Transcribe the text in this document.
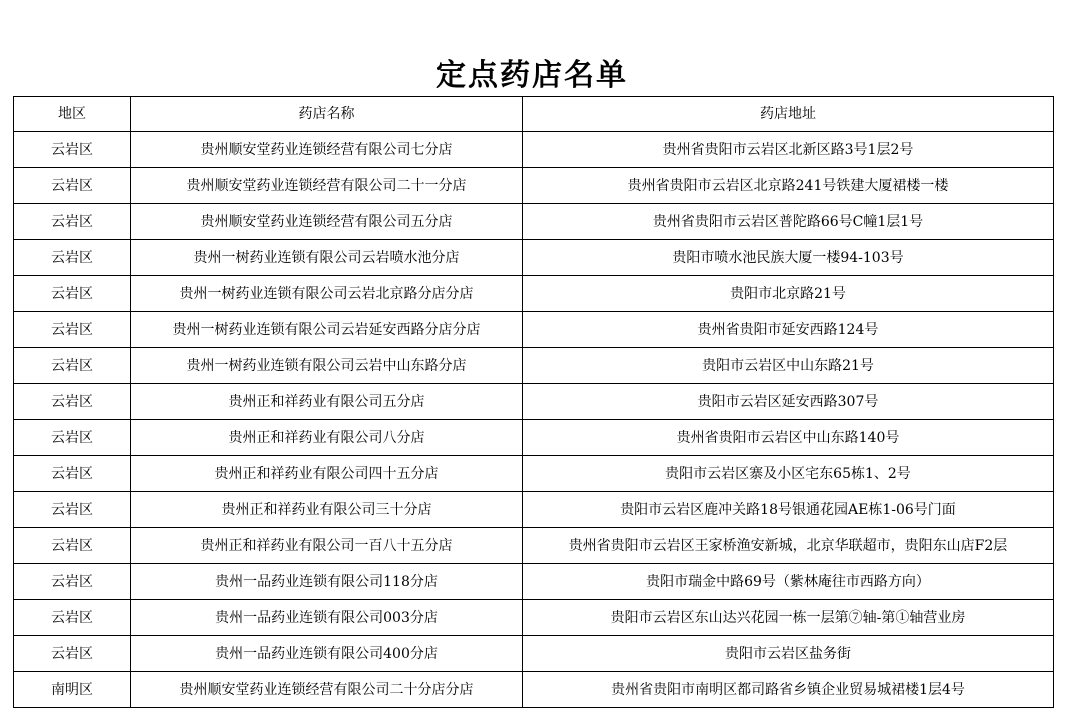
定点药店名单
地区	药店名称	药店地址
云岩区	贵州顺安堂药业连锁经营有限公司七分店	贵州省贵阳市云岩区北新区路3号1层2号
云岩区	贵州顺安堂药业连锁经营有限公司二十一分店	贵州省贵阳市云岩区北京路241号铁建大厦裙楼一楼
云岩区	贵州顺安堂药业连锁经营有限公司五分店	贵州省贵阳市云岩区普陀路66号C幢1层1号
云岩区	贵州一树药业连锁有限公司云岩喷水池分店	贵阳市喷水池民族大厦一楼94-103号
云岩区	贵州一树药业连锁有限公司云岩北京路分店分店	贵阳市北京路21号
云岩区	贵州一树药业连锁有限公司云岩延安西路分店分店	贵州省贵阳市延安西路124号
云岩区	贵州一树药业连锁有限公司云岩中山东路分店	贵阳市云岩区中山东路21号
云岩区	贵州正和祥药业有限公司五分店	贵阳市云岩区延安西路307号
云岩区	贵州正和祥药业有限公司八分店	贵州省贵阳市云岩区中山东路140号
云岩区	贵州正和祥药业有限公司四十五分店	贵阳市云岩区寨及小区宅东65栋1、2号
云岩区	贵州正和祥药业有限公司三十分店	贵阳市云岩区鹿冲关路18号银通花园AE栋1-06号门面
云岩区	贵州正和祥药业有限公司一百八十五分店	贵州省贵阳市云岩区王家桥渔安新城，北京华联超市，贵阳东山店F2层
云岩区	贵州一品药业连锁有限公司118分店	贵阳市瑞金中路69号（紫林庵往市西路方向）
云岩区	贵州一品药业连锁有限公司003分店	贵阳市云岩区东山达兴花园一栋一层第⑦轴-第①轴营业房
云岩区	贵州一品药业连锁有限公司400分店	贵阳市云岩区盐务街
南明区	贵州顺安堂药业连锁经营有限公司二十分店分店	贵州省贵阳市南明区都司路省乡镇企业贸易城裙楼1层4号
